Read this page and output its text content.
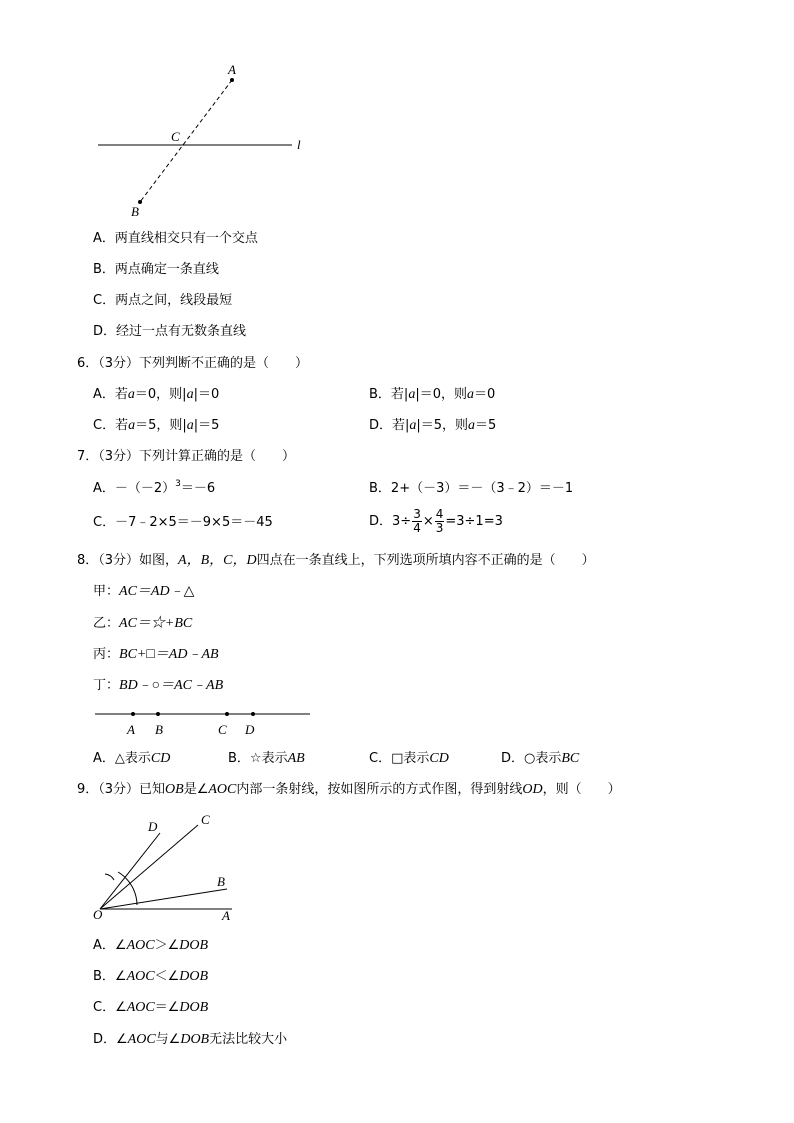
A
C
l
B
A．两直线相交只有一个交点
B．两点确定一条直线
C．两点之间，线段最短
D．经过一点有无数条直线
6．（3分）下列判断不正确的是（　　）
A．若a＝0，则|a|＝0	B．若|a|＝0，则a＝0
C．若a＝5，则|a|＝5	D．若|a|＝5，则a＝5
7．（3分）下列计算正确的是（　　）
A．$-(-2)^3=-6$	B．2+（－3）＝－（3﹣2）＝－1
C．－7﹣2×5＝－9×5＝－45	D．$3\div \frac{3}{4} \times \frac{4}{3} =3\div 1=3$
8．（3分）如图，A，B，C，D四点在一条直线上，下列选项所填内容不正确的是（　　）
甲：AC＝AD﹣△
乙：AC＝☆+BC
丙：BC+□＝AD﹣AB
丁：BD﹣○＝AC﹣AB
A B	C D
A．△表示CD	B．☆表示AB	C．□表示CD	D．○表示BC
9．（3分）已知OB是∠AOC内部一条射线，按如图所示的方式作图，得到射线OD，则（　　）
D	C
B
O	A
A．∠AOC＞∠DOB
B．∠AOC＜∠DOB
C．∠AOC＝∠DOB
D．∠AOC与∠DOB无法比较大小
